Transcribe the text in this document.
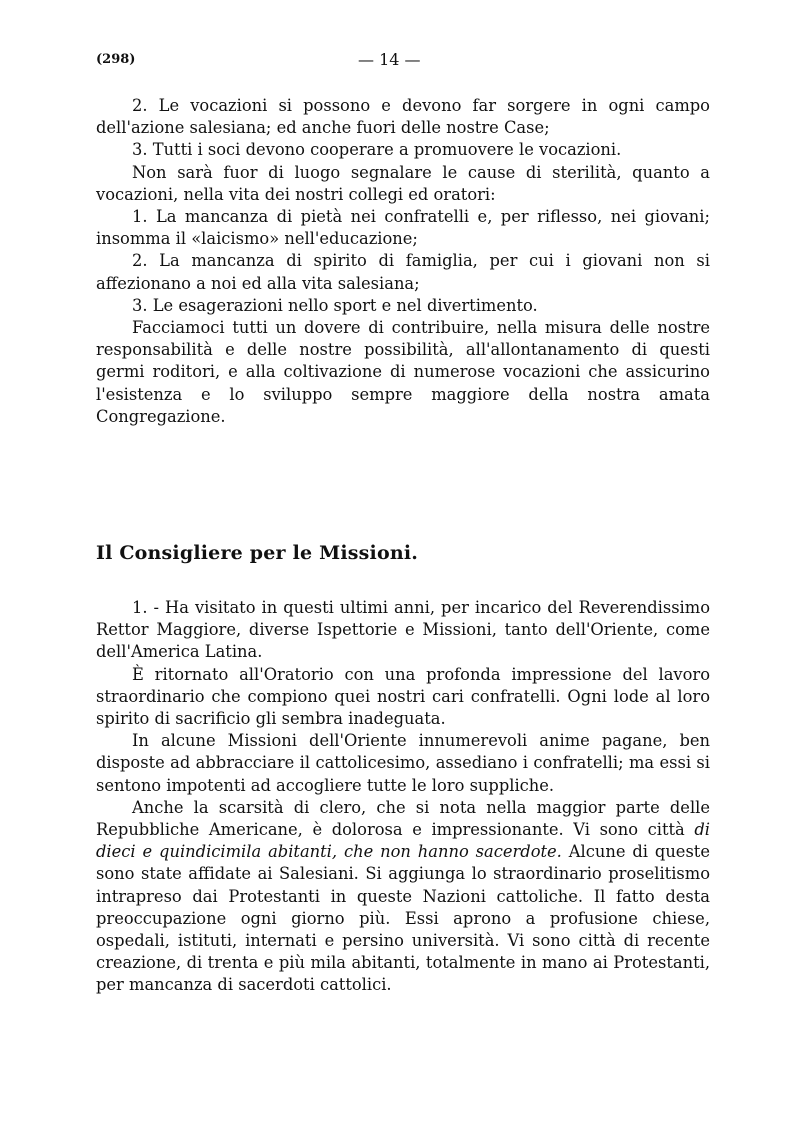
(298)	— 14 —

2. Le vocazioni si possono e devono far sorgere in ogni campo dell'azione salesiana; ed anche fuori delle nostre Case;

3. Tutti i soci devono cooperare a promuovere le vocazioni.

Non sarà fuor di luogo segnalare le cause di sterilità, quanto a vocazioni, nella vita dei nostri collegi ed oratori:

1. La mancanza di pietà nei confratelli e, per riflesso, nei giovani; insomma il «laicismo» nell'educazione;

2. La mancanza di spirito di famiglia, per cui i giovani non si affezionano a noi ed alla vita salesiana;

3. Le esagerazioni nello sport e nel divertimento.

Facciamoci tutti un dovere di contribuire, nella misura delle nostre responsabilità e delle nostre possibilità, all'allontanamento di questi germi roditori, e alla coltivazione di numerose vocazioni che assicurino l'esistenza e lo sviluppo sempre maggiore della nostra amata Congregazione.

Il Consigliere per le Missioni.

1. - Ha visitato in questi ultimi anni, per incarico del Reverendissimo Rettor Maggiore, diverse Ispettorie e Missioni, tanto dell'Oriente, come dell'America Latina.

È ritornato all'Oratorio con una profonda impressione del lavoro straordinario che compiono quei nostri cari confratelli. Ogni lode al loro spirito di sacrificio gli sembra inadeguata.

In alcune Missioni dell'Oriente innumerevoli anime pagane, ben disposte ad abbracciare il cattolicesimo, assediano i confratelli; ma essi si sentono impotenti ad accogliere tutte le loro suppliche.

Anche la scarsità di clero, che si nota nella maggior parte delle Repubbliche Americane, è dolorosa e impressionante. Vi sono città di dieci e quindicimila abitanti, che non hanno sacerdote. Alcune di queste sono state affidate ai Salesiani. Si aggiunga lo straordinario proselitismo intrapreso dai Protestanti in queste Nazioni cattoliche. Il fatto desta preoccupazione ogni giorno più. Essi aprono a profusione chiese, ospedali, istituti, internati e persino università. Vi sono città di recente creazione, di trenta e più mila abitanti, totalmente in mano ai Protestanti, per mancanza di sacerdoti cattolici.
